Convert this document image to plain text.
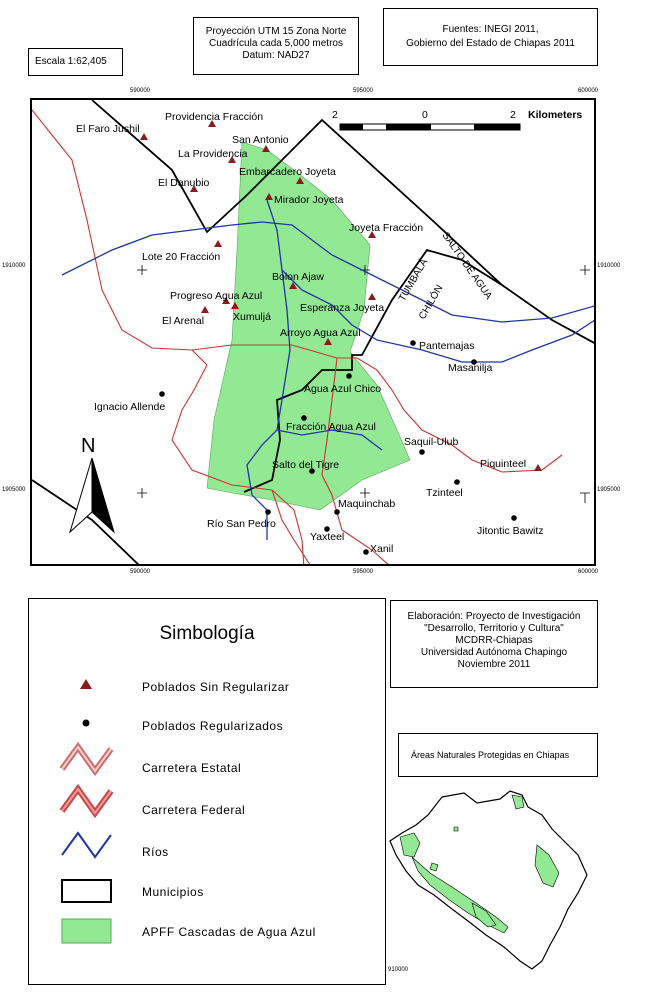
Escala 1:62,405
Proyección UTM 15 Zona Norte
Cuadrícula cada 5,000 metros
Datum: NAD27
Fuentes: INEGI 2011,
Gobierno del Estado de Chiapas 2011
590000	595000	600000
590000	595000	600000
1910000
1905000
1910000
1905000
2	0	2 Kilometers
N
TUMBALÁ
CHILÓN
SALTO DE AGUA
El Faro Jushil
Providencia Fracción
San Antonio
La Providencia
Embarcadero Joyeta
El Danubio
Mirador Joyeta
Joyeta Fracción
Lote 20 Fracción
Bolon Ajaw
Progreso Agua Azul
Esperanza Joyeta
El Arenal	Xumuljá
Arroyo Agua Azul
Piquinteel
Pantemajas
Masanilja
Ignacio Allende
Agua Azul Chico
Fracción Agua Azul
Saquil-Ulub
Salto del Tigre
Tzinteel
Maquinchab
Río San Pedro
Jitontic Bawitz
Yaxteel
Xanil
Simbología
Poblados Sin Regularizar
Poblados Regularizados
Carretera Estatal
Carretera Federal
Ríos
Municipios
APFF Cascadas de Agua Azul
Elaboración: Proyecto de Investigación
"Desarrollo, Territorio y Cultura"
MCDRR-Chiapas
Universidad Autónoma Chapingo
Noviembre 2011
Áreas Naturales Protegidas en Chiapas
910000
